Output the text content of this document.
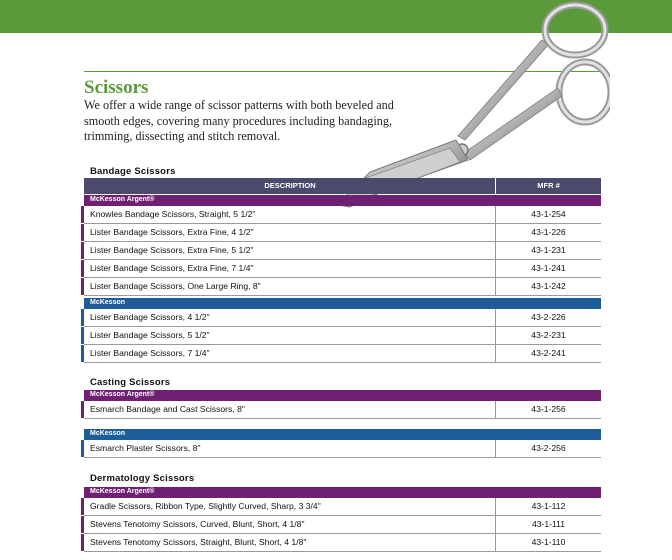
Scissors

We offer a wide range of scissor patterns with both beveled and smooth edges, covering many procedures including bandaging, trimming, dissecting and stitch removal.

Bandage Scissors
DESCRIPTION	MFR #
McKesson Argent®
Knowles Bandage Scissors, Straight, 5 1/2"	43-1-254
Lister Bandage Scissors, Extra Fine, 4 1/2"	43-1-226
Lister Bandage Scissors, Extra Fine, 5 1/2"	43-1-231
Lister Bandage Scissors, Extra Fine, 7 1/4"	43-1-241
Lister Bandage Scissors, One Large Ring, 8"	43-1-242
McKesson
Lister Bandage Scissors, 4 1/2"	43-2-226
Lister Bandage Scissors, 5 1/2"	43-2-231
Lister Bandage Scissors, 7 1/4"	43-2-241
Casting Scissors
McKesson Argent®
Esmarch Bandage and Cast Scissors, 8"	43-1-256
McKesson
Esmarch Plaster Scissors, 8"	43-2-256
Dermatology Scissors
McKesson Argent®
Gradle Scissors, Ribbon Type, Slightly Curved, Sharp, 3 3/4"	43-1-112
Stevens Tenotomy Scissors, Curved, Blunt, Short, 4 1/8"	43-1-111
Stevens Tenotomy Scissors, Straight, Blunt, Short, 4 1/8"	43-1-110
